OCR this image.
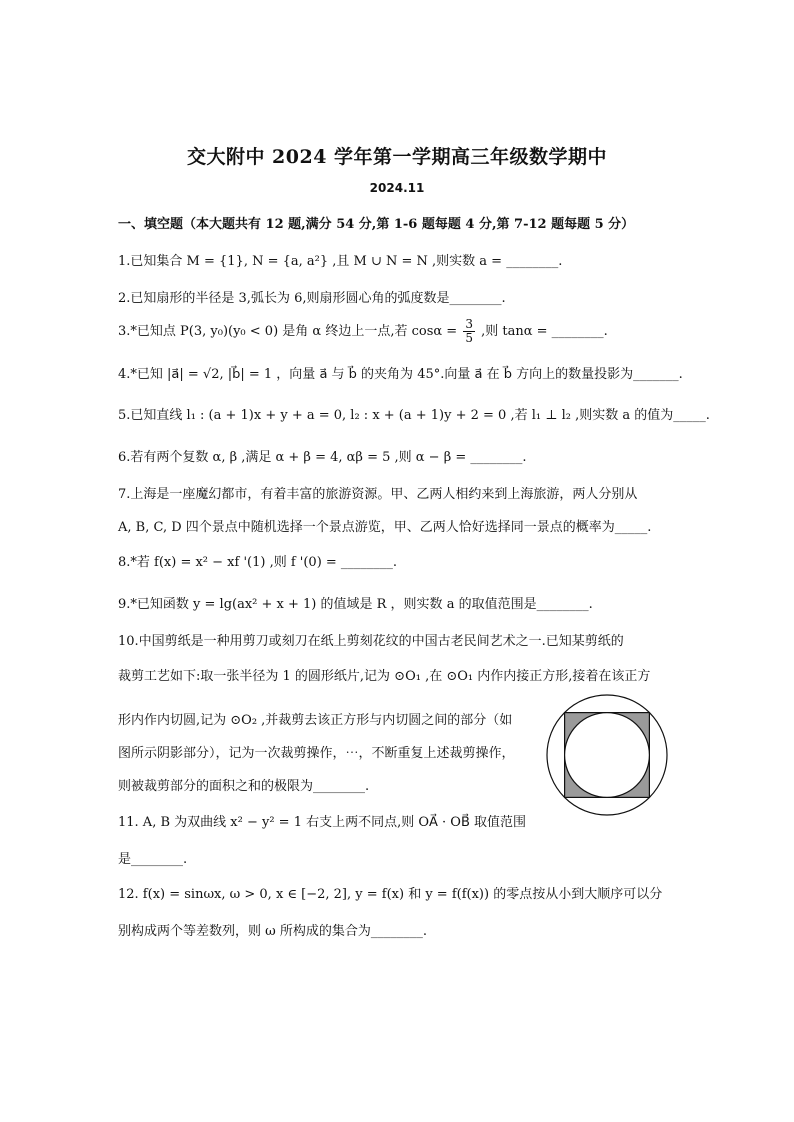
交大附中 2024 学年第一学期高三年级数学期中
2024.11
一、填空题（本大题共有 12 题,满分 54 分,第 1-6 题每题 4 分,第 7-12 题每题 5 分）
1.已知集合 M = {1}, N = {a, a²} ,且 M ∪ N = N ,则实数 a = ________.
2.已知扇形的半径是 3,弧长为 6,则扇形圆心角的弧度数是________.
3.*已知点 P(3, y₀)(y₀ < 0) 是角 α 终边上一点,若 $\cos\alpha = \frac{3}{5}$ ,则 tanα = ________.
4.*已知 |a⃗| = √2, |b⃗| = 1 ，向量 a⃗ 与 b⃗ 的夹角为 45°.向量 a⃗ 在 b⃗ 方向上的数量投影为_______.
5.已知直线 l₁ : (a + 1)x + y + a = 0, l₂ : x + (a + 1)y + 2 = 0 ,若 l₁ ⊥ l₂ ,则实数 a 的值为_____.
6.若有两个复数 α, β ,满足 α + β = 4, αβ = 5 ,则 α − β = ________.
7.上海是一座魔幻都市，有着丰富的旅游资源。甲、乙两人相约来到上海旅游，两人分别从
A, B, C, D 四个景点中随机选择一个景点游览，甲、乙两人恰好选择同一景点的概率为_____.
8.*若 f(x) = x² − xf '(1) ,则 f '(0) = ________.
9.*已知函数 y = lg(ax² + x + 1) 的值域是 R ，则实数 a 的取值范围是________.
10.中国剪纸是一种用剪刀或刻刀在纸上剪刻花纹的中国古老民间艺术之一.已知某剪纸的
裁剪工艺如下:取一张半径为 1 的圆形纸片,记为 ⊙O₁ ,在 ⊙O₁ 内作内接正方形,接着在该正方
形内作内切圆,记为 ⊙O₂ ,并裁剪去该正方形与内切圆之间的部分（如
图所示阴影部分），记为一次裁剪操作，⋯，不断重复上述裁剪操作，
则被裁剪部分的面积之和的极限为________.
11. A, B 为双曲线 x² − y² = 1 右支上两不同点,则 OA⃗ · OB⃗ 取值范围
是________.
12. f(x) = sinωx, ω > 0, x ∈ [−2, 2], y = f(x) 和 y = f(f(x)) 的零点按从小到大顺序可以分
别构成两个等差数列，则 ω 所构成的集合为________.
